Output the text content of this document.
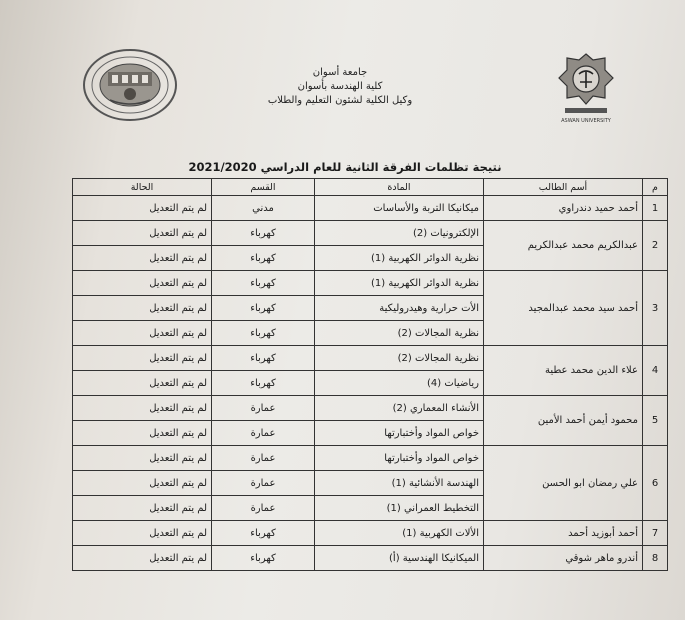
جامعة أسوان
كلية الهندسة بأسوان
وكيل الكلية لشئون التعليم والطلاب
ASWAN UNIVERSITY
نتيجة تظلمات الفرقة الثانية للعام الدراسي 2021/2020
م	أسم الطالب	المادة	القسم	الحالة
1	أحمد حميد دندراوي	ميكانيكا التربة والأساسات	مدني	لم يتم التعديل
2	عبدالكريم محمد عبدالكريم	الإلكترونيات (2)	كهرباء	لم يتم التعديل
		نظرية الدوائر الكهربية (1)	كهرباء	لم يتم التعديل
3	أحمد سيد محمد عبدالمجيد	نظرية الدوائر الكهربية (1)	كهرباء	لم يتم التعديل
		الأت حرارية وهيدروليكية	كهرباء	لم يتم التعديل
		نظرية المجالات (2)	كهرباء	لم يتم التعديل
4	علاء الدين محمد عطية	نظرية المجالات (2)	كهرباء	لم يتم التعديل
		رياضيات (4)	كهرباء	لم يتم التعديل
5	محمود أيمن أحمد الأمين	الأنشاء المعماري (2)	عمارة	لم يتم التعديل
		خواص المواد وأختبارتها	عمارة	لم يتم التعديل
6	علي رمضان ابو الحسن	خواص المواد وأختبارتها	عمارة	لم يتم التعديل
		الهندسة الأنشائية (1)	عمارة	لم يتم التعديل
		التخطيط العمراني (1)	عمارة	لم يتم التعديل
7	أحمد أبوزيد أحمد	الألات الكهربية (1)	كهرباء	لم يتم التعديل
8	أندرو ماهر شوقي	الميكانيكا الهندسية (أ)	كهرباء	لم يتم التعديل
